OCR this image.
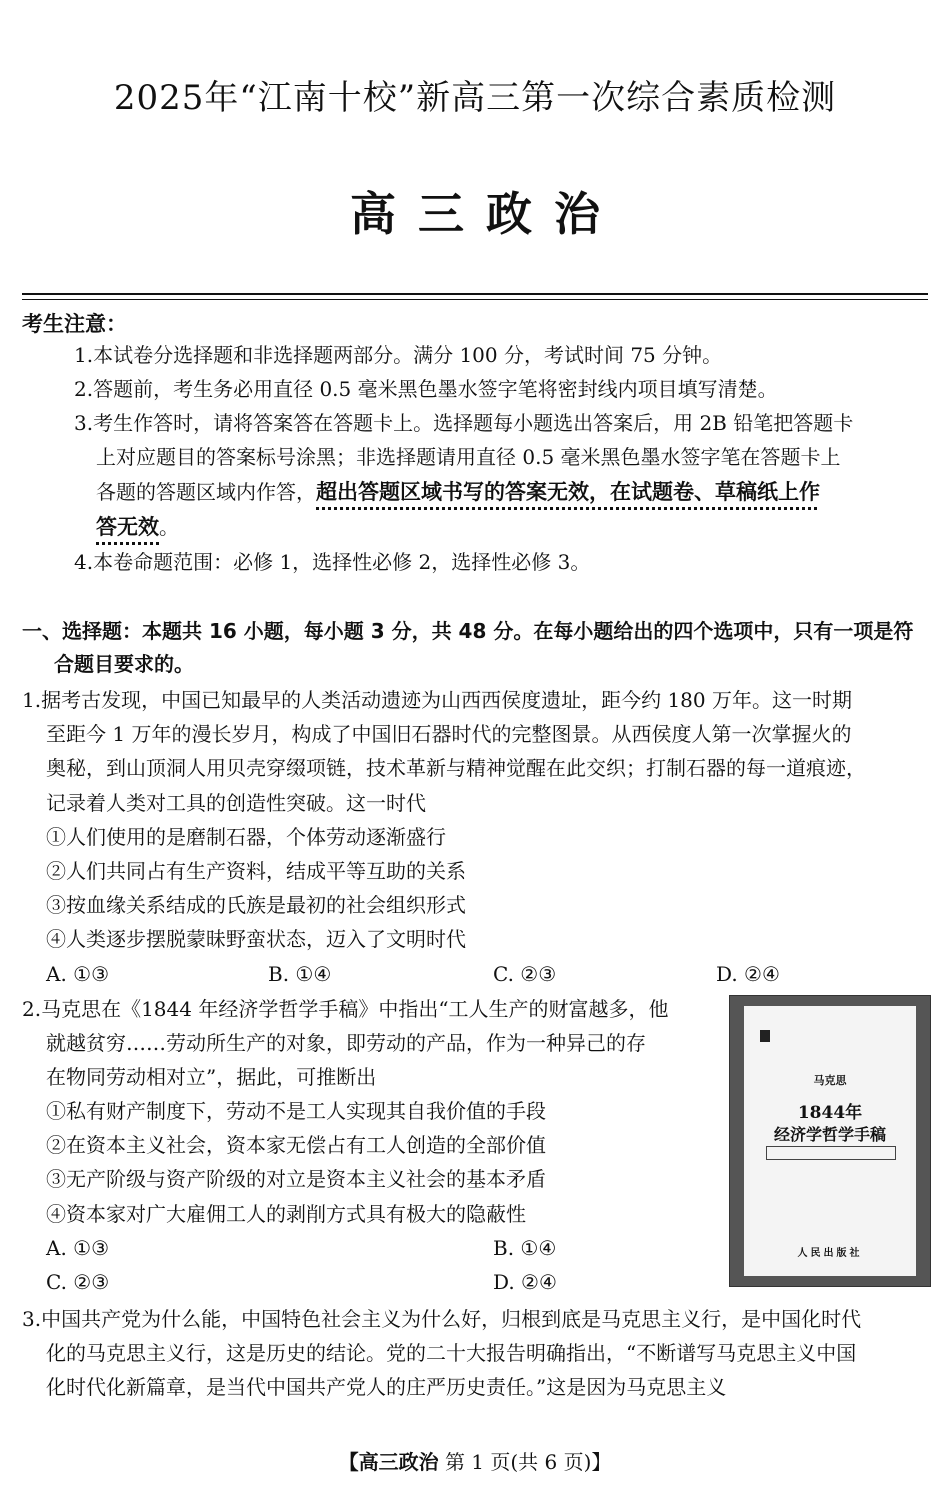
2025年“江南十校”新高三第一次综合素质检测
高三政治
考生注意：
1.本试卷分选择题和非选择题两部分。满分 100 分，考试时间 75 分钟。
2.答题前，考生务必用直径 0.5 毫米黑色墨水签字笔将密封线内项目填写清楚。
3.考生作答时，请将答案答在答题卡上。选择题每小题选出答案后，用 2B 铅笔把答题卡
上对应题目的答案标号涂黑；非选择题请用直径 0.5 毫米黑色墨水签字笔在答题卡上
各题的答题区域内作答，超出答题区域书写的答案无效，在试题卷、草稿纸上作
答无效。
4.本卷命题范围：必修 1，选择性必修 2，选择性必修 3。
一、选择题：本题共 16 小题，每小题 3 分，共 48 分。在每小题给出的四个选项中，只有一项是符
合题目要求的。
1.据考古发现，中国已知最早的人类活动遗迹为山西西侯度遗址，距今约 180 万年。这一时期
至距今 1 万年的漫长岁月，构成了中国旧石器时代的完整图景。从西侯度人第一次掌握火的
奥秘，到山顶洞人用贝壳穿缀项链，技术革新与精神觉醒在此交织；打制石器的每一道痕迹，
记录着人类对工具的创造性突破。这一时代
①人们使用的是磨制石器，个体劳动逐渐盛行
②人们共同占有生产资料，结成平等互助的关系
③按血缘关系结成的氏族是最初的社会组织形式
④人类逐步摆脱蒙昧野蛮状态，迈入了文明时代
A. ①③	B. ①④	C. ②③	D. ②④
2.马克思在《1844 年经济学哲学手稿》中指出“工人生产的财富越多，他
就越贫穷……劳动所生产的对象，即劳动的产品，作为一种异己的存
在物同劳动相对立”，据此，可推断出
①私有财产制度下，劳动不是工人实现其自我价值的手段
②在资本主义社会，资本家无偿占有工人创造的全部价值
③无产阶级与资产阶级的对立是资本主义社会的基本矛盾
④资本家对广大雇佣工人的剥削方式具有极大的隐蔽性
A. ①③	B. ①④
C. ②③	D. ②④
马克思
1844年
经济学哲学手稿

人民出版社
3.中国共产党为什么能，中国特色社会主义为什么好，归根到底是马克思主义行，是中国化时代
化的马克思主义行，这是历史的结论。党的二十大报告明确指出，“不断谱写马克思主义中国
化时代化新篇章，是当代中国共产党人的庄严历史责任。”这是因为马克思主义
【高三政治 第 1 页(共 6 页)】
